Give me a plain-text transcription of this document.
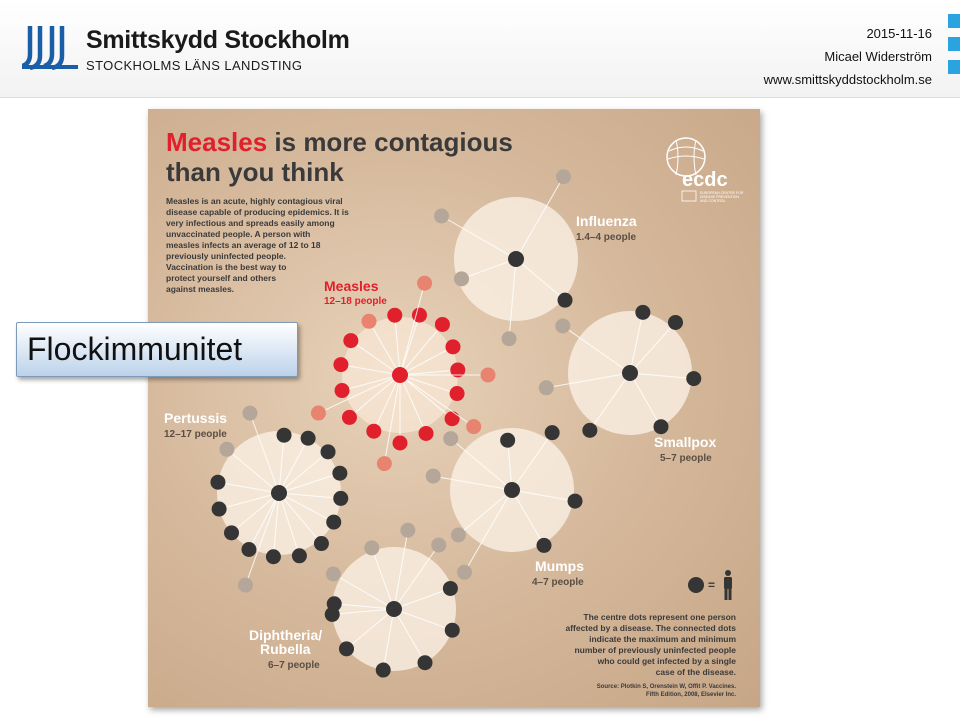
Smittskydd Stockholm
STOCKHOLMS LÄNS LANDSTING
2015-11-16
Micael Widerström
www.smittskyddstockholm.se
Measles is more contagious
than you think
Measles is an acute, highly contagious viral
disease capable of producing epidemics. It is
very infectious and spreads easily among
unvaccinated people. A person with
measles infects an average of 12 to 18
previously uninfected people.
Vaccination is the best way to
protect yourself and others
against measles.
ecdc
EUROPEAN CENTRE FOR
DISEASE PREVENTION
AND CONTROL
Measles
12–18 people
Influenza
1.4–4 people
Pertussis
12–17 people	Smallpox
5–7 people
Mumps
4–7 people
Diphtheria/
Rubella
6–7 people
=
The centre dots represent one person
affected by a disease. The connected dots
indicate the maximum and minimum
number of previously uninfected people
who could get infected by a single
case of the disease.
Source: Plotkin S, Orenstein W, Offit P. Vaccines.
Fifth Edition, 2008, Elsevier Inc.
Flockimmunitet
